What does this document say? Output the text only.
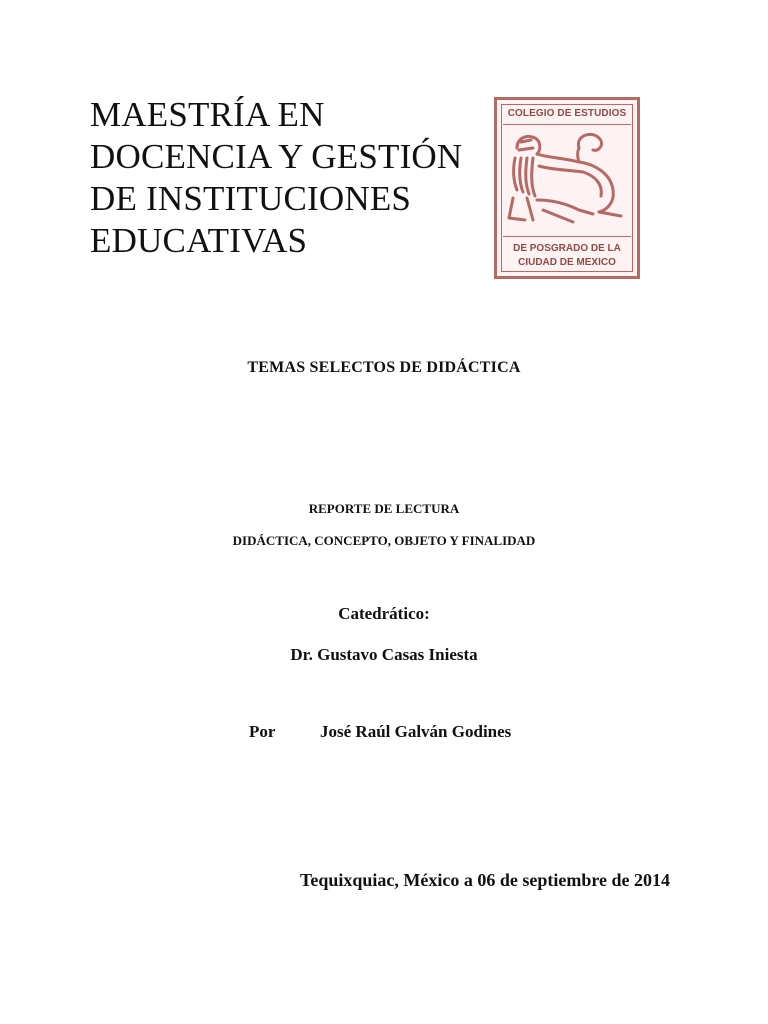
MAESTRÍA EN
DOCENCIA Y GESTIÓN
DE INSTITUCIONES
EDUCATIVAS
COLEGIO DE ESTUDIOS
DE POSGRADO DE LA
CIUDAD DE MEXICO
TEMAS SELECTOS DE DIDÁCTICA
REPORTE DE LECTURA
DIDÁCTICA, CONCEPTO, OBJETO Y FINALIDAD
Catedrático:
Dr. Gustavo Casas Iniesta
Por	José Raúl Galván Godines
Tequixquiac, México a 06 de septiembre de 2014
